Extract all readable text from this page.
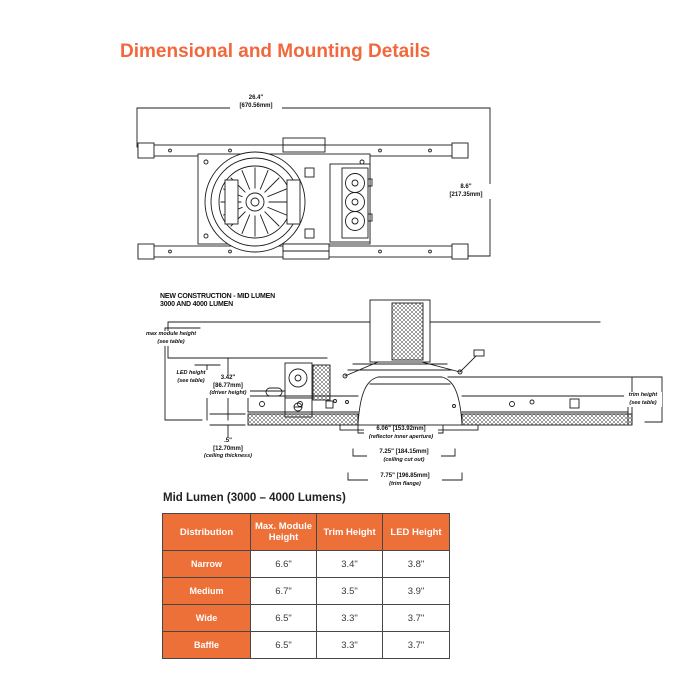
Dimensional and Mounting Details
26.4"
[670.56mm]
8.6"
[217.35mm]
NEW CONSTRUCTION - MID LUMEN
3000 AND 4000 LUMEN
max module height
(see table)
LED height
(see table)	3.42"
[86.77mm]
(driver height)
.5"
[12.70mm]
(ceiling thickness)
6.06" [153.92mm]
(reflector inner aperture)
7.25" [184.15mm]
(ceiling cut out)
7.75" [196.85mm]
(trim flange)
trim height
(see table)

Mid Lumen (3000 – 4000 Lumens)

Distribution	Max. Module Height	Trim Height	LED Height
Narrow	6.6"	3.4"	3.8"
Medium	6.7"	3.5"	3.9"
Wide	6.5"	3.3"	3.7"
Baffle	6.5"	3.3"	3.7"
